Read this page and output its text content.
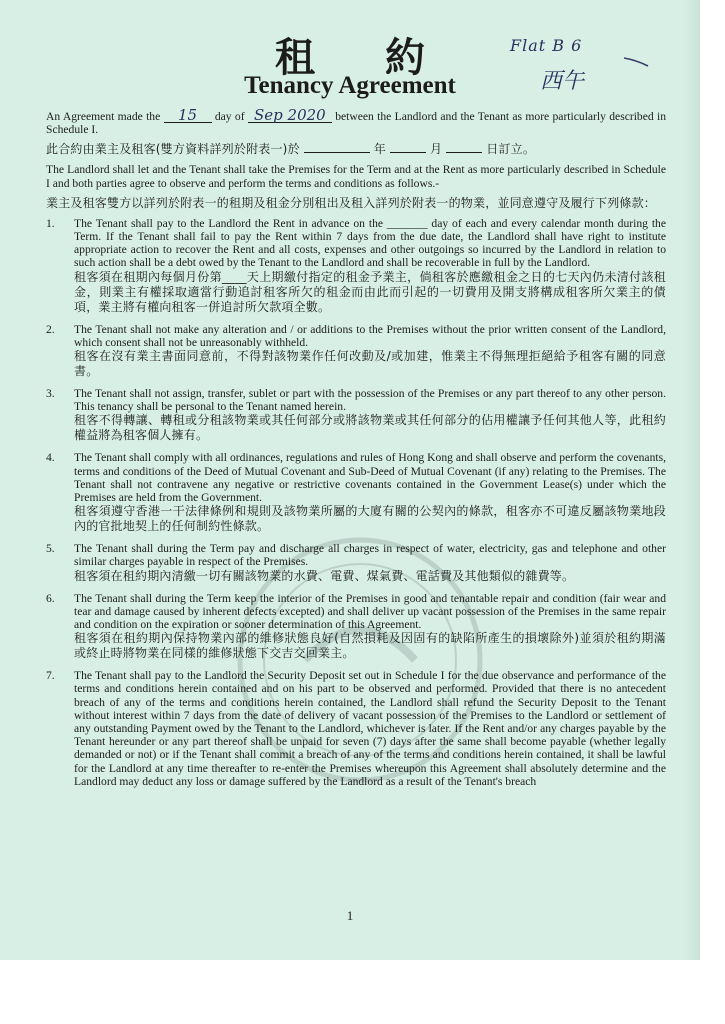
租 約
Tenancy Agreement
Flat B 6
西午

An Agreement made the 15 day of Sep 2020 between the Landlord and the Tenant as more particularly described in Schedule I.

此合約由業主及租客(雙方資料詳列於附表一)於	年	月	日訂立。

The Landlord shall let and the Tenant shall take the Premises for the Term and at the Rent as more particularly described in Schedule I and both parties agree to observe and perform the terms and conditions as follows.-

業主及租客雙方以詳列於附表一的租期及租金分別租出及租入詳列於附表一的物業，並同意遵守及履行下列條款：

1. The Tenant shall pay to the Landlord the Rent in advance on the _______ day of each and every calendar month during the Term. If the Tenant shall fail to pay the Rent within 7 days from the due date, the Landlord shall have right to institute appropriate action to recover the Rent and all costs, expenses and other outgoings so incurred by the Landlord in relation to such action shall be a debt owed by the Tenant to the Landlord and shall be recoverable in full by the Landlord.
租客須在租期內每個月份第____天上期繳付指定的租金予業主，倘租客於應繳租金之日的七天內仍未清付該租金，則業主有權採取適當行動追討租客所欠的租金而由此而引起的一切費用及開支將構成租客所欠業主的債項，業主將有權向租客一併追討所欠款項全數。
2. The Tenant shall not make any alteration and / or additions to the Premises without the prior written consent of the Landlord, which consent shall not be unreasonably withheld.
租客在沒有業主書面同意前，不得對該物業作任何改動及/或加建，惟業主不得無理拒絕給予租客有關的同意書。
3. The Tenant shall not assign, transfer, sublet or part with the possession of the Premises or any part thereof to any other person. This tenancy shall be personal to the Tenant named herein.
租客不得轉讓、轉租或分租該物業或其任何部分或將該物業或其任何部分的佔用權讓予任何其他人等，此租約權益將為租客個人擁有。
4. The Tenant shall comply with all ordinances, regulations and rules of Hong Kong and shall observe and perform the covenants, terms and conditions of the Deed of Mutual Covenant and Sub-Deed of Mutual Covenant (if any) relating to the Premises. The Tenant shall not contravene any negative or restrictive covenants contained in the Government Lease(s) under which the Premises are held from the Government.
租客須遵守香港一干法律條例和規則及該物業所屬的大廈有關的公契內的條款，租客亦不可違反屬該物業地段內的官批地契上的任何制約性條款。
5. The Tenant shall during the Term pay and discharge all charges in respect of water, electricity, gas and telephone and other similar charges payable in respect of the Premises.
租客須在租約期內清繳一切有關該物業的水費、電費、煤氣費、電話費及其他類似的雜費等。
6. The Tenant shall during the Term keep the interior of the Premises in good and tenantable repair and condition (fair wear and tear and damage caused by inherent defects excepted) and shall deliver up vacant possession of the Premises in the same repair and condition on the expiration or sooner determination of this Agreement.
租客須在租約期內保持物業內部的維修狀態良好(自然損耗及因固有的缺陷所產生的損壞除外)並須於租約期滿或終止時將物業在同樣的維修狀態下交吉交回業主。
7. The Tenant shall pay to the Landlord the Security Deposit set out in Schedule I for the due observance and performance of the terms and conditions herein contained and on his part to be observed and performed. Provided that there is no antecedent breach of any of the terms and conditions herein contained, the Landlord shall refund the Security Deposit to the Tenant without interest within 7 days from the date of delivery of vacant possession of the Premises to the Landlord or settlement of any outstanding Payment owed by the Tenant to the Landlord, whichever is later. If the Rent and/or any charges payable by the Tenant hereunder or any part thereof shall be unpaid for seven (7) days after the same shall become payable (whether legally demanded or not) or if the Tenant shall commit a breach of any of the terms and conditions herein contained, it shall be lawful for the Landlord at any time thereafter to re-enter the Premises whereupon this Agreement shall absolutely determine and the Landlord may deduct any loss or damage suffered by the Landlord as a result of the Tenant's breach
1
